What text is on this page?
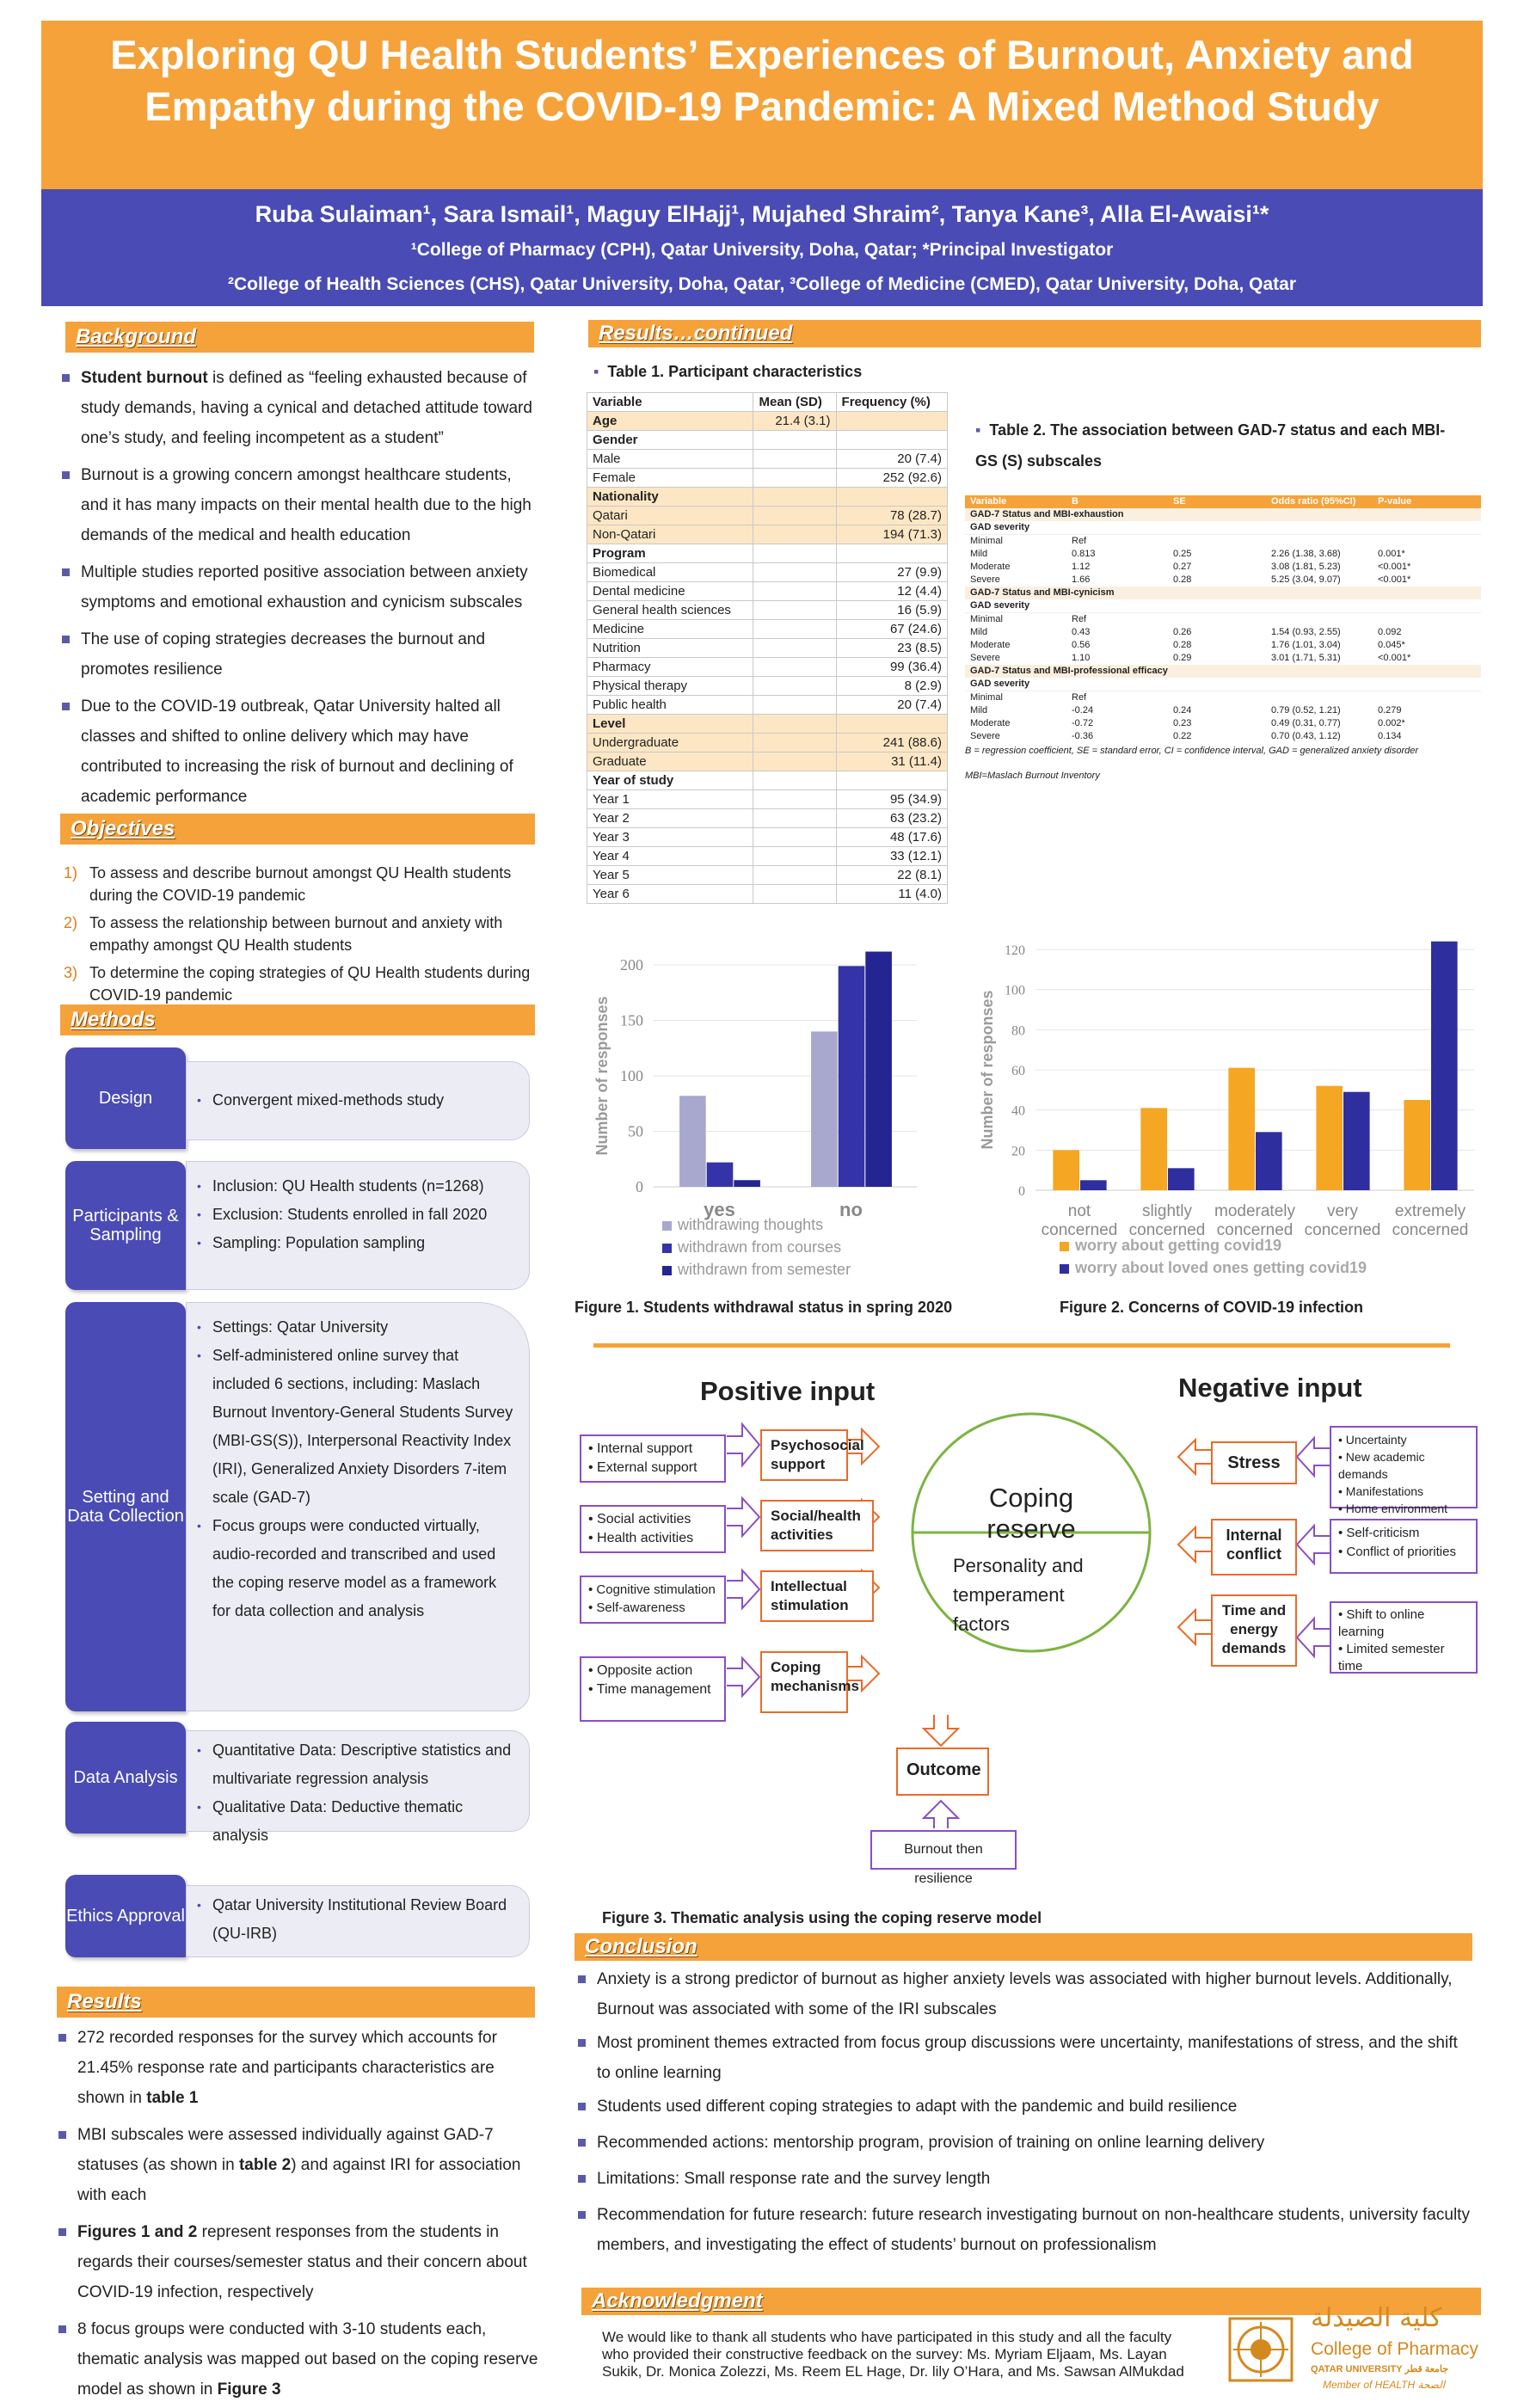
Exploring QU Health Students’ Experiences of Burnout, Anxiety and Empathy during the COVID-19 Pandemic: A Mixed Method Study
Ruba Sulaiman¹, Sara Ismail¹, Maguy ElHajj¹, Mujahed Shraim², Tanya Kane³, Alla El-Awaisi¹*
¹College of Pharmacy (CPH), Qatar University, Doha, Qatar; *Principal Investigator
²College of Health Sciences (CHS), Qatar University, Doha, Qatar, ³College of Medicine (CMED), Qatar University, Doha, Qatar
Background
Student burnout is defined as “feeling exhausted because of study demands, having a cynical and detached attitude toward one’s study, and feeling incompetent as a student”
Burnout is a growing concern amongst healthcare students, and it has many impacts on their mental health due to the high demands of the medical and health education
Multiple studies reported positive association between anxiety symptoms and emotional exhaustion and cynicism subscales
The use of coping strategies decreases the burnout and promotes resilience
Due to the COVID-19 outbreak, Qatar University halted all classes and shifted to online delivery which may have contributed to increasing the risk of burnout and declining of academic performance
Objectives
1) To assess and describe burnout amongst QU Health students during the COVID-19 pandemic
2) To assess the relationship between burnout and anxiety with empathy amongst QU Health students
3) To determine the coping strategies of QU Health students during COVID-19 pandemic
Methods
Design	• Convergent mixed-methods study
Participants & Sampling
• Inclusion: QU Health students (n=1268)
• Exclusion: Students enrolled in fall 2020
• Sampling: Population sampling
Setting and Data Collection
• Settings: Qatar University
• Self-administered online survey that included 6 sections, including: Maslach Burnout Inventory-General Students Survey (MBI-GS(S)), Interpersonal Reactivity Index (IRI), Generalized Anxiety Disorders 7-item scale (GAD-7)
• Focus groups were conducted virtually, audio-recorded and transcribed and used the coping reserve model as a framework for data collection and analysis
Data Analysis
• Quantitative Data: Descriptive statistics and multivariate regression analysis
• Qualitative Data: Deductive thematic analysis
Ethics Approval
• Qatar University Institutional Review Board (QU-IRB)
Results
272 recorded responses for the survey which accounts for 21.45% response rate and participants characteristics are shown in table 1
MBI subscales were assessed individually against GAD-7 statuses (as shown in table 2) and against IRI for association with each
Figures 1 and 2 represent responses from the students in regards their courses/semester status and their concern about COVID-19 infection, respectively
8 focus groups were conducted with 3-10 students each, thematic analysis was mapped out based on the coping reserve model as shown in Figure 3
Results…continued
▪ Table 1. Participant characteristics
Variable	Mean (SD)	Frequency (%)
Age	21.4 (3.1)	
Gender		
Male		20 (7.4)
Female		252 (92.6)
Nationality		
Qatari		78 (28.7)
Non-Qatari		194 (71.3)
Program		
Biomedical		27 (9.9)
Dental medicine		12 (4.4)
General health sciences		16 (5.9)
Medicine		67 (24.6)
Nutrition		23 (8.5)
Pharmacy		99 (36.4)
Physical therapy		8 (2.9)
Public health		20 (7.4)
Level		
Undergraduate		241 (88.6)
Graduate		31 (11.4)
Year of study		
Year 1		95 (34.9)
Year 2		63 (23.2)
Year 3		48 (17.6)
Year 4		33 (12.1)
Year 5		22 (8.1)
Year 6		11 (4.0)
▪ Table 2. The association between GAD-7 status and each MBI-GS (S) subscales
Variable	B	SE	Odds ratio (95%CI)	P-value
GAD-7 Status and MBI-exhaustion
GAD severity
Minimal	Ref
Mild	0.813	0.25	2.26 (1.38, 3.68)	0.001*
Moderate	1.12	0.27	3.08 (1.81, 5.23)	<0.001*
Severe	1.66	0.28	5.25 (3.04, 9.07)	<0.001*
GAD-7 Status and MBI-cynicism
GAD severity
Minimal	Ref
Mild	0.43	0.26	1.54 (0.93, 2.55)	0.092
Moderate	0.56	0.28	1.76 (1.01, 3.04)	0.045*
Severe	1.10	0.29	3.01 (1.71, 5.31)	<0.001*
GAD-7 Status and MBI-professional efficacy
GAD severity
Minimal	Ref
Mild	-0.24	0.24	0.79 (0.52, 1.21)	0.279
Moderate	-0.72	0.23	0.49 (0.31, 0.77)	0.002*
Severe	-0.36	0.22	0.70 (0.43, 1.12)	0.134
B = regression coefficient, SE = standard error, CI = confidence interval, GAD = generalized anxiety disorder
MBI=Maslach Burnout Inventory
0
50
100
150
200
Number of responses
yes	no
withdrawing thoughts
withdrawn from courses
withdrawn from semester
Figure 1. Students withdrawal status in spring 2020
0
20
40
60
80
100
120
Number of responses
not
concerned
slightly
concerned
moderately
concerned
very
concerned
extremely
concerned
worry about getting covid19
worry about loved ones getting covid19
Figure 2. Concerns of COVID-19 infection
Positive input	Negative input
Coping reserve
Personality and temperament factors
• Internal support
• External support
Psychosocial support
• Social activities
• Health activities
Social/health activities
• Cognitive stimulation
• Self-awareness
Intellectual stimulation
• Opposite action
• Time management
Coping mechanisms
Stress
• Uncertainty
• New academic demands
• Manifestations
• Home environment
Internal conflict
• Self-criticism
• Conflict of priorities
Time and energy demands
• Shift to online learning
• Limited semester time
Outcome
Burnout then resilience
Figure 3. Thematic analysis using the coping reserve model
Conclusion
Anxiety is a strong predictor of burnout as higher anxiety levels was associated with higher burnout levels. Additionally, Burnout was associated with some of the IRI subscales
Most prominent themes extracted from focus group discussions were uncertainty, manifestations of stress, and the shift to online learning
Students used different coping strategies to adapt with the pandemic and build resilience
Recommended actions: mentorship program, provision of training on online learning delivery
Limitations: Small response rate and the survey length
Recommendation for future research: future research investigating burnout on non-healthcare students, university faculty members, and investigating the effect of students’ burnout on professionalism
Acknowledgment
We would like to thank all students who have participated in this study and all the faculty who provided their constructive feedback on the survey: Ms. Myriam Eljaam, Ms. Layan Sukik, Dr. Monica Zolezzi, Ms. Reem EL Hage, Dr. lily O’Hara, and Ms. Sawsan AlMukdad
كلية الصيدلة
College of Pharmacy
QATAR UNIVERSITY جامعة قطر
Member of HEALTH الصحة
